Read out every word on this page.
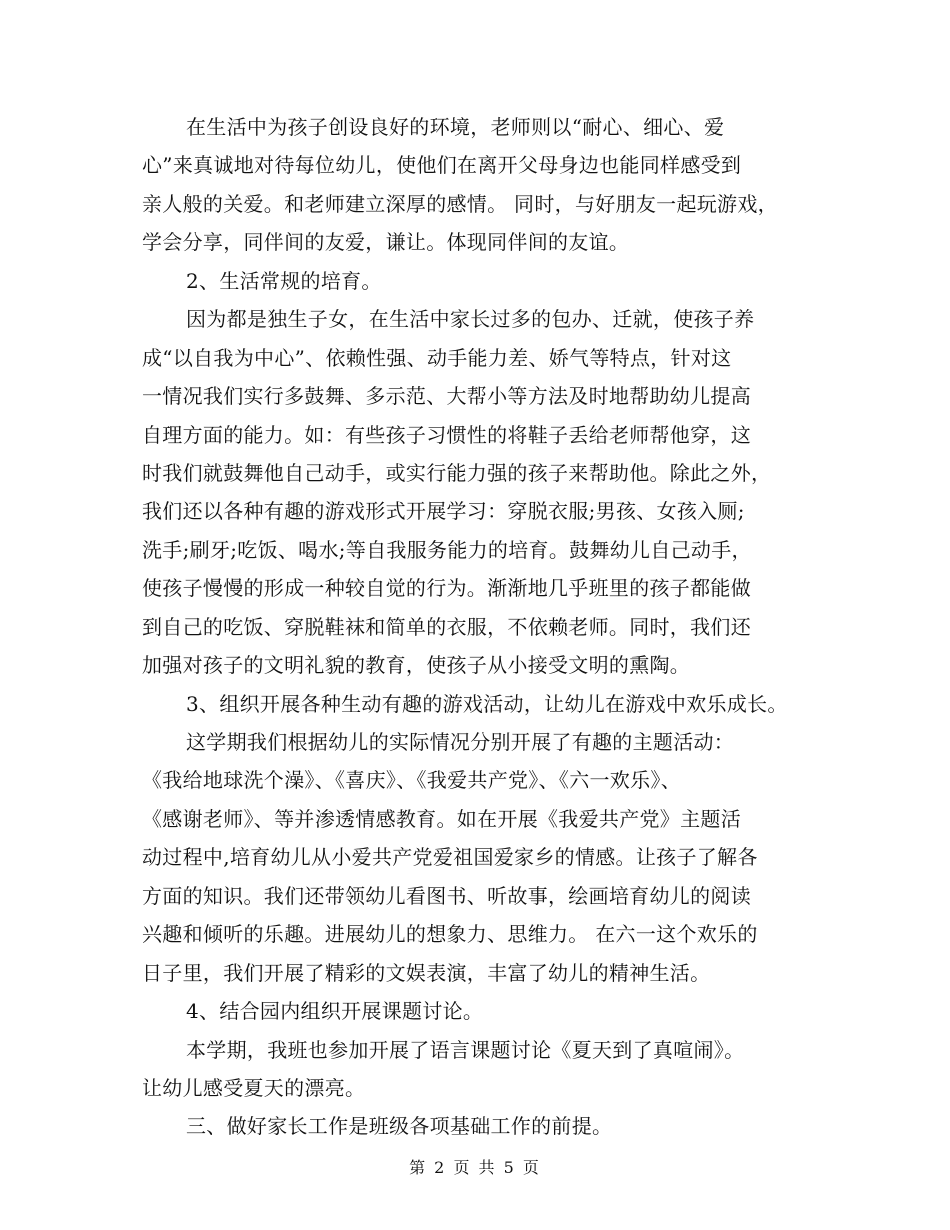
在生活中为孩子创设良好的环境，老师则以“耐心、细心、爱

心”来真诚地对待每位幼儿，使他们在离开父母身边也能同样感受到

亲人般的关爱。和老师建立深厚的感情。 同时，与好朋友一起玩游戏，

学会分享，同伴间的友爱，谦让。体现同伴间的友谊。

2、生活常规的培育。

因为都是独生子女，在生活中家长过多的包办、迁就，使孩子养

成“以自我为中心”、依赖性强、动手能力差、娇气等特点，针对这

一情况我们实行多鼓舞、多示范、大帮小等方法及时地帮助幼儿提高

自理方面的能力。如：有些孩子习惯性的将鞋子丢给老师帮他穿，这

时我们就鼓舞他自己动手，或实行能力强的孩子来帮助他。除此之外，

我们还以各种有趣的游戏形式开展学习：穿脱衣服;男孩、女孩入厕;

洗手;刷牙;吃饭、喝水;等自我服务能力的培育。鼓舞幼儿自己动手，

使孩子慢慢的形成一种较自觉的行为。渐渐地几乎班里的孩子都能做

到自己的吃饭、穿脱鞋袜和简单的衣服，不依赖老师。同时，我们还

加强对孩子的文明礼貌的教育，使孩子从小接受文明的熏陶。

3、组织开展各种生动有趣的游戏活动，让幼儿在游戏中欢乐成长。

这学期我们根据幼儿的实际情况分别开展了有趣的主题活动：

《我给地球洗个澡》、《喜庆》、《我爱共产党》、《六一欢乐》、

《感谢老师》、等并渗透情感教育。如在开展《我爱共产党》主题活

动过程中,培育幼儿从小爱共产党爱祖国爱家乡的情感。让孩子了解各

方面的知识。我们还带领幼儿看图书、听故事，绘画培育幼儿的阅读

兴趣和倾听的乐趣。进展幼儿的想象力、思维力。 在六一这个欢乐的

日子里，我们开展了精彩的文娱表演，丰富了幼儿的精神生活。

4、结合园内组织开展课题讨论。

本学期，我班也参加开展了语言课题讨论《夏天到了真喧闹》。

让幼儿感受夏天的漂亮。

三、做好家长工作是班级各项基础工作的前提。

第 2 页 共 5 页
